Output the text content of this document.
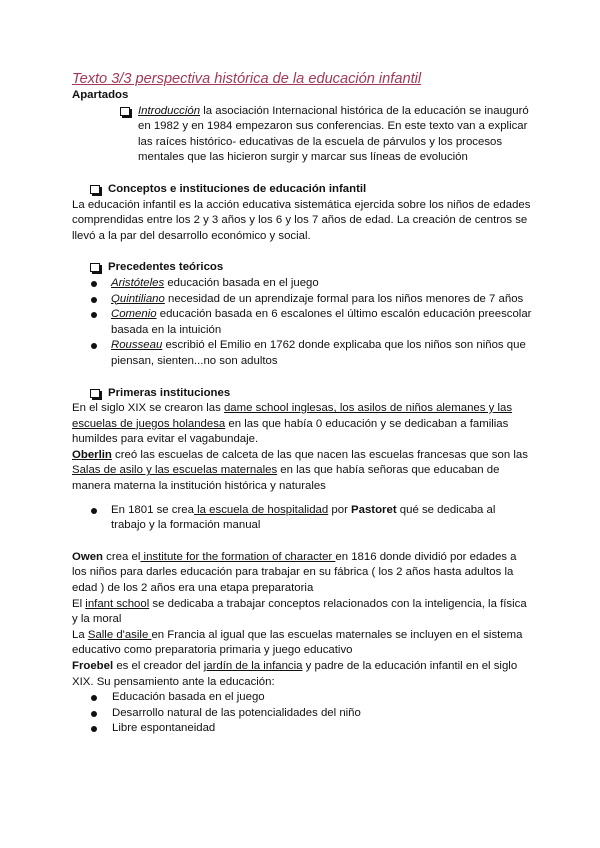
Texto 3/3 perspectiva histórica de la educación infantil

Apartados

Introducción la asociación Internacional histórica de la educación se inauguró en 1982 y en 1984 empezaron sus conferencias. En este texto van a explicar las raíces histórico- educativas de la escuela de párvulos y los procesos mentales que las hicieron surgir y marcar sus líneas de evolución
Conceptos e instituciones de educación infantil

La educación infantil es la acción educativa sistemática ejercida sobre los niños de edades comprendidas entre los 2 y 3 años y los 6 y los 7 años de edad. La creación de centros se llevó a la par del desarrollo económico y social.

Precedentes teóricos
Aristóteles educación basada en el juego
Quintiliano necesidad de un aprendizaje formal para los niños menores de 7 años
Comenio educación basada en 6 escalones el último escalón educación preescolar basada en la intuición
Rousseau escribió el Emilio en 1762 donde explicaba que los niños son niños que piensan, sienten...no son adultos
Primeras instituciones

En el siglo XIX se crearon las dame school inglesas, los asilos de niños alemanes y las escuelas de juegos holandesa en las que había 0 educación y se dedicaban a familias humildes para evitar el vagabundaje.

Oberlin creó las escuelas de calceta de las que nacen las escuelas francesas que son las Salas de asilo y las escuelas maternales en las que había señoras que educaban de manera materna la institución histórica y naturales

En 1801 se crea la escuela de hospitalidad por Pastoret qué se dedicaba al trabajo y la formación manual

Owen crea el institute for the formation of character en 1816 donde dividió por edades a los niños para darles educación para trabajar en su fábrica ( los 2 años hasta adultos la edad ) de los 2 años era una etapa preparatoria

El infant school se dedicaba a trabajar conceptos relacionados con la inteligencia, la física y la moral

La Salle d'asile en Francia al igual que las escuelas maternales se incluyen en el sistema educativo como preparatoria primaria y juego educativo

Froebel es el creador del jardín de la infancia y padre de la educación infantil en el siglo XIX. Su pensamiento ante la educación:

Educación basada en el juego
Desarrollo natural de las potencialidades del niño
Libre espontaneidad
